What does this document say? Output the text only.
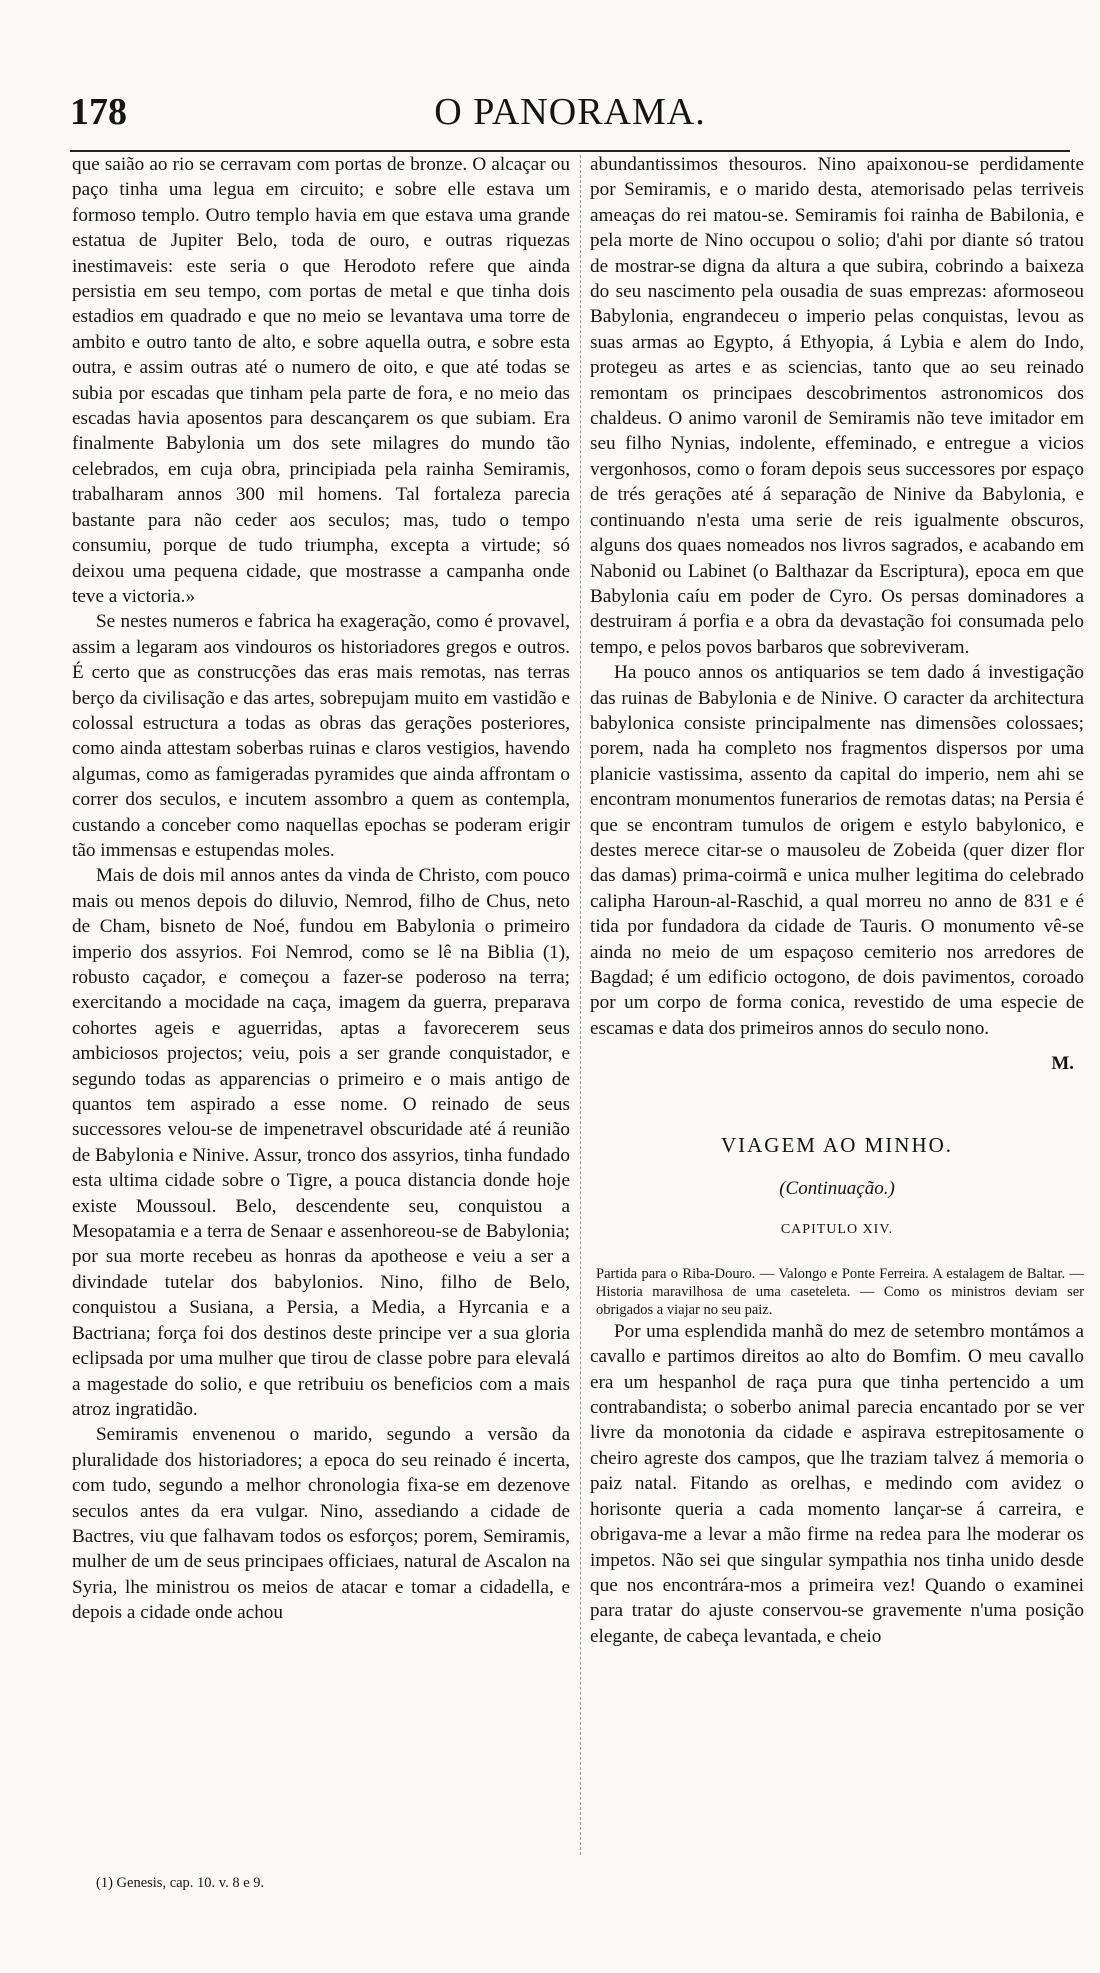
178	O PANORAMA.

que saião ao rio se cerravam com portas de bronze. O alcaçar ou paço tinha uma legua em circuito; e sobre elle estava um formoso templo. Outro templo havia em que estava uma grande estatua de Jupiter Belo, toda de ouro, e outras riquezas inestimaveis: este seria o que Herodoto refere que ainda persistia em seu tempo, com portas de metal e que tinha dois estadios em quadrado e que no meio se levantava uma torre de ambito e outro tanto de alto, e sobre aquella outra, e sobre esta outra, e assim outras até o numero de oito, e que até todas se subia por escadas que tinham pela parte de fora, e no meio das escadas havia aposentos para descançarem os que subiam. Era finalmente Babylonia um dos sete milagres do mundo tão celebrados, em cuja obra, principiada pela rainha Semiramis, trabalharam annos 300 mil homens. Tal fortaleza parecia bastante para não ceder aos seculos; mas, tudo o tempo consumiu, porque de tudo triumpha, excepta a virtude; só deixou uma pequena cidade, que mostrasse a campanha onde teve a victoria.»

Se nestes numeros e fabrica ha exageração, como é provavel, assim a legaram aos vindouros os historiadores gregos e outros. É certo que as construcções das eras mais remotas, nas terras berço da civilisação e das artes, sobrepujam muito em vastidão e colossal estructura a todas as obras das gerações posteriores, como ainda attestam soberbas ruinas e claros vestigios, havendo algumas, como as famigeradas pyramides que ainda affrontam o correr dos seculos, e incutem assombro a quem as contempla, custando a conceber como naquellas epochas se poderam erigir tão immensas e estupendas moles.

Mais de dois mil annos antes da vinda de Christo, com pouco mais ou menos depois do diluvio, Nemrod, filho de Chus, neto de Cham, bisneto de Noé, fundou em Babylonia o primeiro imperio dos assyrios. Foi Nemrod, como se lê na Biblia (1), robusto caçador, e começou a fazer-se poderoso na terra; exercitando a mocidade na caça, imagem da guerra, preparava cohortes ageis e aguerridas, aptas a favorecerem seus ambiciosos projectos; veiu, pois a ser grande conquistador, e segundo todas as apparencias o primeiro e o mais antigo de quantos tem aspirado a esse nome. O reinado de seus successores velou-se de impenetravel obscuridade até á reunião de Babylonia e Ninive. Assur, tronco dos assyrios, tinha fundado esta ultima cidade sobre o Tigre, a pouca distancia donde hoje existe Moussoul. Belo, descendente seu, conquistou a Mesopatamia e a terra de Senaar e assenhoreou-se de Babylonia; por sua morte recebeu as honras da apotheose e veiu a ser a divindade tutelar dos babylonios. Nino, filho de Belo, conquistou a Susiana, a Persia, a Media, a Hyrcania e a Bactriana; força foi dos destinos deste principe ver a sua gloria eclipsada por uma mulher que tirou de classe pobre para elevalá a magestade do solio, e que retribuiu os beneficios com a mais atroz ingratidão.

Semiramis envenenou o marido, segundo a versão da pluralidade dos historiadores; a epoca do seu reinado é incerta, com tudo, segundo a melhor chronologia fixa-se em dezenove seculos antes da era vulgar. Nino, assediando a cidade de Bactres, viu que falhavam todos os esforços; porem, Semiramis, mulher de um de seus principaes officiaes, natural de Ascalon na Syria, lhe ministrou os meios de atacar e tomar a cidadella, e depois a cidade onde achou

abundantissimos thesouros. Nino apaixonou-se perdidamente por Semiramis, e o marido desta, atemorisado pelas terriveis ameaças do rei matou-se. Semiramis foi rainha de Babilonia, e pela morte de Nino occupou o solio; d'ahi por diante só tratou de mostrar-se digna da altura a que subira, cobrindo a baixeza do seu nascimento pela ousadia de suas emprezas: aformoseou Babylonia, engrandeceu o imperio pelas conquistas, levou as suas armas ao Egypto, á Ethyopia, á Lybia e alem do Indo, protegeu as artes e as sciencias, tanto que ao seu reinado remontam os principaes descobrimentos astronomicos dos chaldeus. O animo varonil de Semiramis não teve imitador em seu filho Nynias, indolente, effeminado, e entregue a vicios vergonhosos, como o foram depois seus successores por espaço de trés gerações até á separação de Ninive da Babylonia, e continuando n'esta uma serie de reis igualmente obscuros, alguns dos quaes nomeados nos livros sagrados, e acabando em Nabonid ou Labinet (o Balthazar da Escriptura), epoca em que Babylonia caíu em poder de Cyro. Os persas dominadores a destruiram á porfia e a obra da devastação foi consumada pelo tempo, e pelos povos barbaros que sobreviveram.

Ha pouco annos os antiquarios se tem dado á investigação das ruinas de Babylonia e de Ninive. O caracter da architectura babylonica consiste principalmente nas dimensões colossaes; porem, nada ha completo nos fragmentos dispersos por uma planicie vastissima, assento da capital do imperio, nem ahi se encontram monumentos funerarios de remotas datas; na Persia é que se encontram tumulos de origem e estylo babylonico, e destes merece citar-se o mausoleu de Zobeida (quer dizer flor das damas) prima-coirmã e unica mulher legitima do celebrado calipha Haroun-al-Raschid, a qual morreu no anno de 831 e é tida por fundadora da cidade de Tauris. O monumento vê-se ainda no meio de um espaçoso cemiterio nos arredores de Bagdad; é um edificio octogono, de dois pavimentos, coroado por um corpo de forma conica, revestido de uma especie de escamas e data dos primeiros annos do seculo nono.

M.
VIAGEM AO MINHO.
(Continuação.)
CAPITULO XIV.

Partida para o Riba-Douro. — Valongo e Ponte Ferreira. A estalagem de Baltar. — Historia maravilhosa de uma caseteleta. — Como os ministros deviam ser obrigados a viajar no seu paiz.

Por uma esplendida manhã do mez de setembro montámos a cavallo e partimos direitos ao alto do Bomfim. O meu cavallo era um hespanhol de raça pura que tinha pertencido a um contrabandista; o soberbo animal parecia encantado por se ver livre da monotonia da cidade e aspirava estrepitosamente o cheiro agreste dos campos, que lhe traziam talvez á memoria o paiz natal. Fitando as orelhas, e medindo com avidez o horisonte queria a cada momento lançar-se á carreira, e obrigava-me a levar a mão firme na redea para lhe moderar os impetos. Não sei que singular sympathia nos tinha unido desde que nos encontrára-mos a primeira vez! Quando o examinei para tratar do ajuste conservou-se gravemente n'uma posição elegante, de cabeça levantada, e cheio

(1) Genesis, cap. 10. v. 8 e 9.
